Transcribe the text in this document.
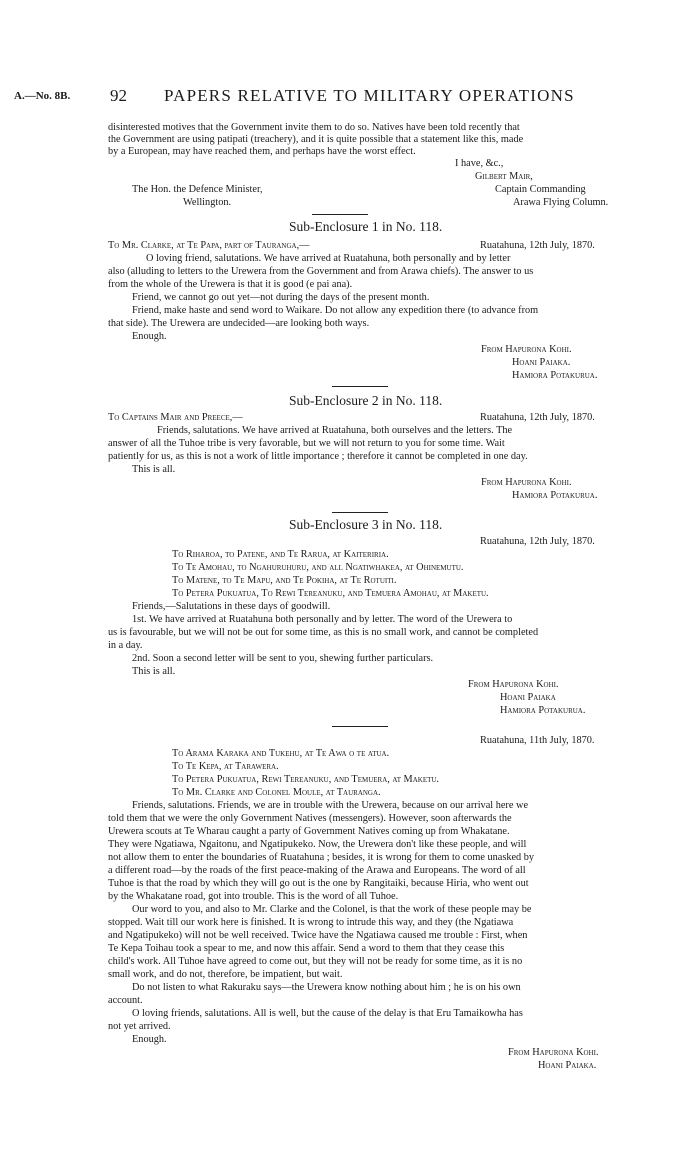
A.—No. 8B. 92 PAPERS RELATIVE TO MILITARY OPERATIONS
disinterested motives that the Government invite them to do so. Natives have been told recently that
the Government are using patipati (treachery), and it is quite possible that a statement like this, made
by a European, may have reached them, and perhaps have the worst effect.
I have, &c.,
Gilbert Mair,
The Hon. the Defence Minister,	Captain Commanding
Wellington.	Arawa Flying Column.
To Mr. Clarke, at Te Papa, part of Tauranga,—	Ruatahuna, 12th July, 1870.
O loving friend, salutations. We have arrived at Ruatahuna, both personally and by letter
also (alluding to letters to the Urewera from the Government and from Arawa chiefs). The answer to us
from the whole of the Urewera is that it is good (e pai ana).
Friend, we cannot go out yet—not during the days of the present month.
Friend, make haste and send word to Waikare. Do not allow any expedition there (to advance from
that side). The Urewera are undecided—are looking both ways.
Enough.
From Hapurona Kohi.
Hoani Paiaka.
Hamiora Potakurua.
To Captains Mair and Preece,—	Ruatahuna, 12th July, 1870.
Friends, salutations. We have arrived at Ruatahuna, both ourselves and the letters. The
answer of all the Tuhoe tribe is very favorable, but we will not return to you for some time. Wait
patiently for us, as this is not a work of little importance ; therefore it cannot be completed in one day.
This is all.
From Hapurona Kohi.
Hamiora Potakurua.
Ruatahuna, 12th July, 1870.
To Riharoa, to Patene, and Te Rarua, at Kaiteriria.
To Te Amohau, to Ngahuruhuru, and all Ngatiwhakea, at Ohinemutu.
To Matene, to Te Mapu, and Te Pokiha, at Te Rotuiti.
To Petera Pukuatua, To Rewi Tereanuku, and Temuera Amohau, at Maketu.
Friends,—Salutations in these days of goodwill.
1st. We have arrived at Ruatahuna both personally and by letter. The word of the Urewera to
us is favourable, but we will not be out for some time, as this is no small work, and cannot be completed
in a day.
2nd. Soon a second letter will be sent to you, shewing further particulars.
This is all.
From Hapurona Kohi.
Hoani Paiaka
Hamiora Potakurua.
Ruatahuna, 11th July, 1870.
To Arama Karaka and Tukehu, at Te Awa o te atua.
To Te Kepa, at Tarawera.
To Petera Pukuatua, Rewi Tereanuku, and Temuera, at Maketu.
To Mr. Clarke and Colonel Moule, at Tauranga.
Friends, salutations. Friends, we are in trouble with the Urewera, because on our arrival here we
told them that we were the only Government Natives (messengers). However, soon afterwards the
Urewera scouts at Te Wharau caught a party of Government Natives coming up from Whakatane.
They were Ngatiawa, Ngaitonu, and Ngatipukeko. Now, the Urewera don't like these people, and will
not allow them to enter the boundaries of Ruatahuna ; besides, it is wrong for them to come unasked by
a different road—by the roads of the first peace-making of the Arawa and Europeans. The word of all
Tuhoe is that the road by which they will go out is the one by Rangitaiki, because Hiria, who went out
by the Whakatane road, got into trouble. This is the word of all Tuhoe.
Our word to you, and also to Mr. Clarke and the Colonel, is that the work of these people may be
stopped. Wait till our work here is finished. It is wrong to intrude this way, and they (the Ngatiawa
and Ngatipukeko) will not be well received. Twice have the Ngatiawa caused me trouble : First, when
Te Kepa Toihau took a spear to me, and now this affair. Send a word to them that they cease this
child's work. All Tuhoe have agreed to come out, but they will not be ready for some time, as it is no
small work, and do not, therefore, be impatient, but wait.
Do not listen to what Rakuraku says—the Urewera know nothing about him ; he is on his own
account.
O loving friends, salutations. All is well, but the cause of the delay is that Eru Tamaikowha has
not yet arrived.
Enough.
From Hapurona Kohi.
Hoani Paiaka.
Sub-Enclosure 1 in No. 118.
Sub-Enclosure 2 in No. 118.
Sub-Enclosure 3 in No. 118.
